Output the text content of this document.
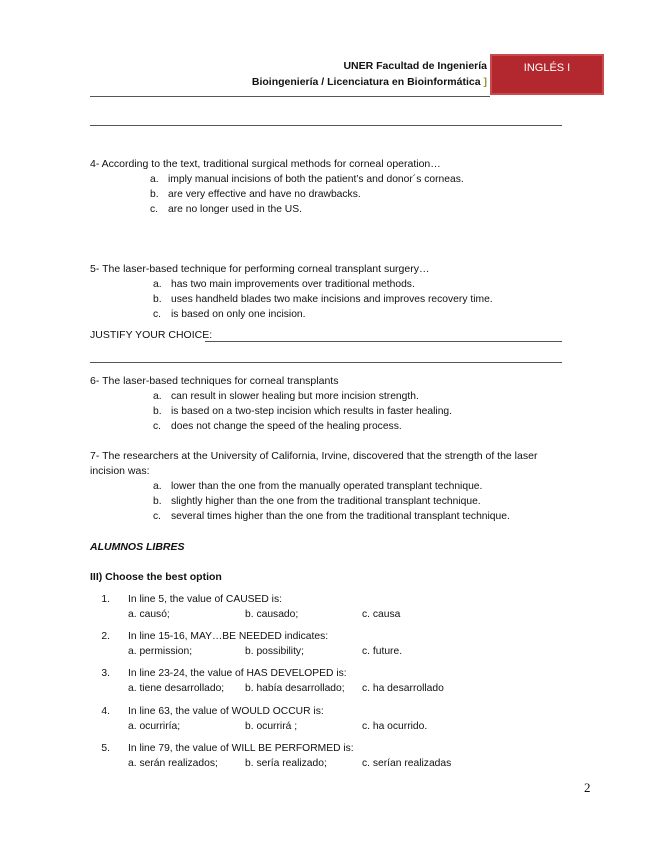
UNER Facultad de Ingeniería
Bioingeniería / Licenciatura en Bioinformática ]
INGLÉS I
4- According to the text, traditional surgical methods for corneal operation…
a. imply manual incisions of both the patient’s and donor´s corneas.
b. are very effective and have no drawbacks.
c. are no longer used in the US.
5- The laser-based technique for performing corneal transplant surgery…
a. has two main improvements over traditional methods.
b. uses handheld blades two make incisions and improves recovery time.
c. is based on only one incision.
JUSTIFY YOUR CHOICE:
6- The laser-based techniques for corneal transplants
a. can result in slower healing but more incision strength.
b. is based on a two-step incision which results in faster healing.
c. does not change the speed of the healing process.
7- The researchers at the University of California, Irvine, discovered that the strength of the laser
incision was:
a. lower than the one from the manually operated transplant technique.
b. slightly higher than the one from the traditional transplant technique.
c. several times higher than the one from the traditional transplant technique.
ALUMNOS LIBRES
III) Choose the best option
1. In line 5, the value of CAUSED is:
a. causó;	b. causado;	c. causa
2. In line 15-16, MAY…BE NEEDED indicates:
a. permission;	b. possibility;	c. future.
3. In line 23-24, the value of HAS DEVELOPED is:
a. tiene desarrollado; b. había desarrollado; c. ha desarrollado
4. In line 63, the value of WOULD OCCUR is:
a. ocurriría;	b. ocurrirá ;	c. ha ocurrido.
5. In line 79, the value of WILL BE PERFORMED is:
a. serán realizados;	b. sería realizado;	c. serían realizadas
2
